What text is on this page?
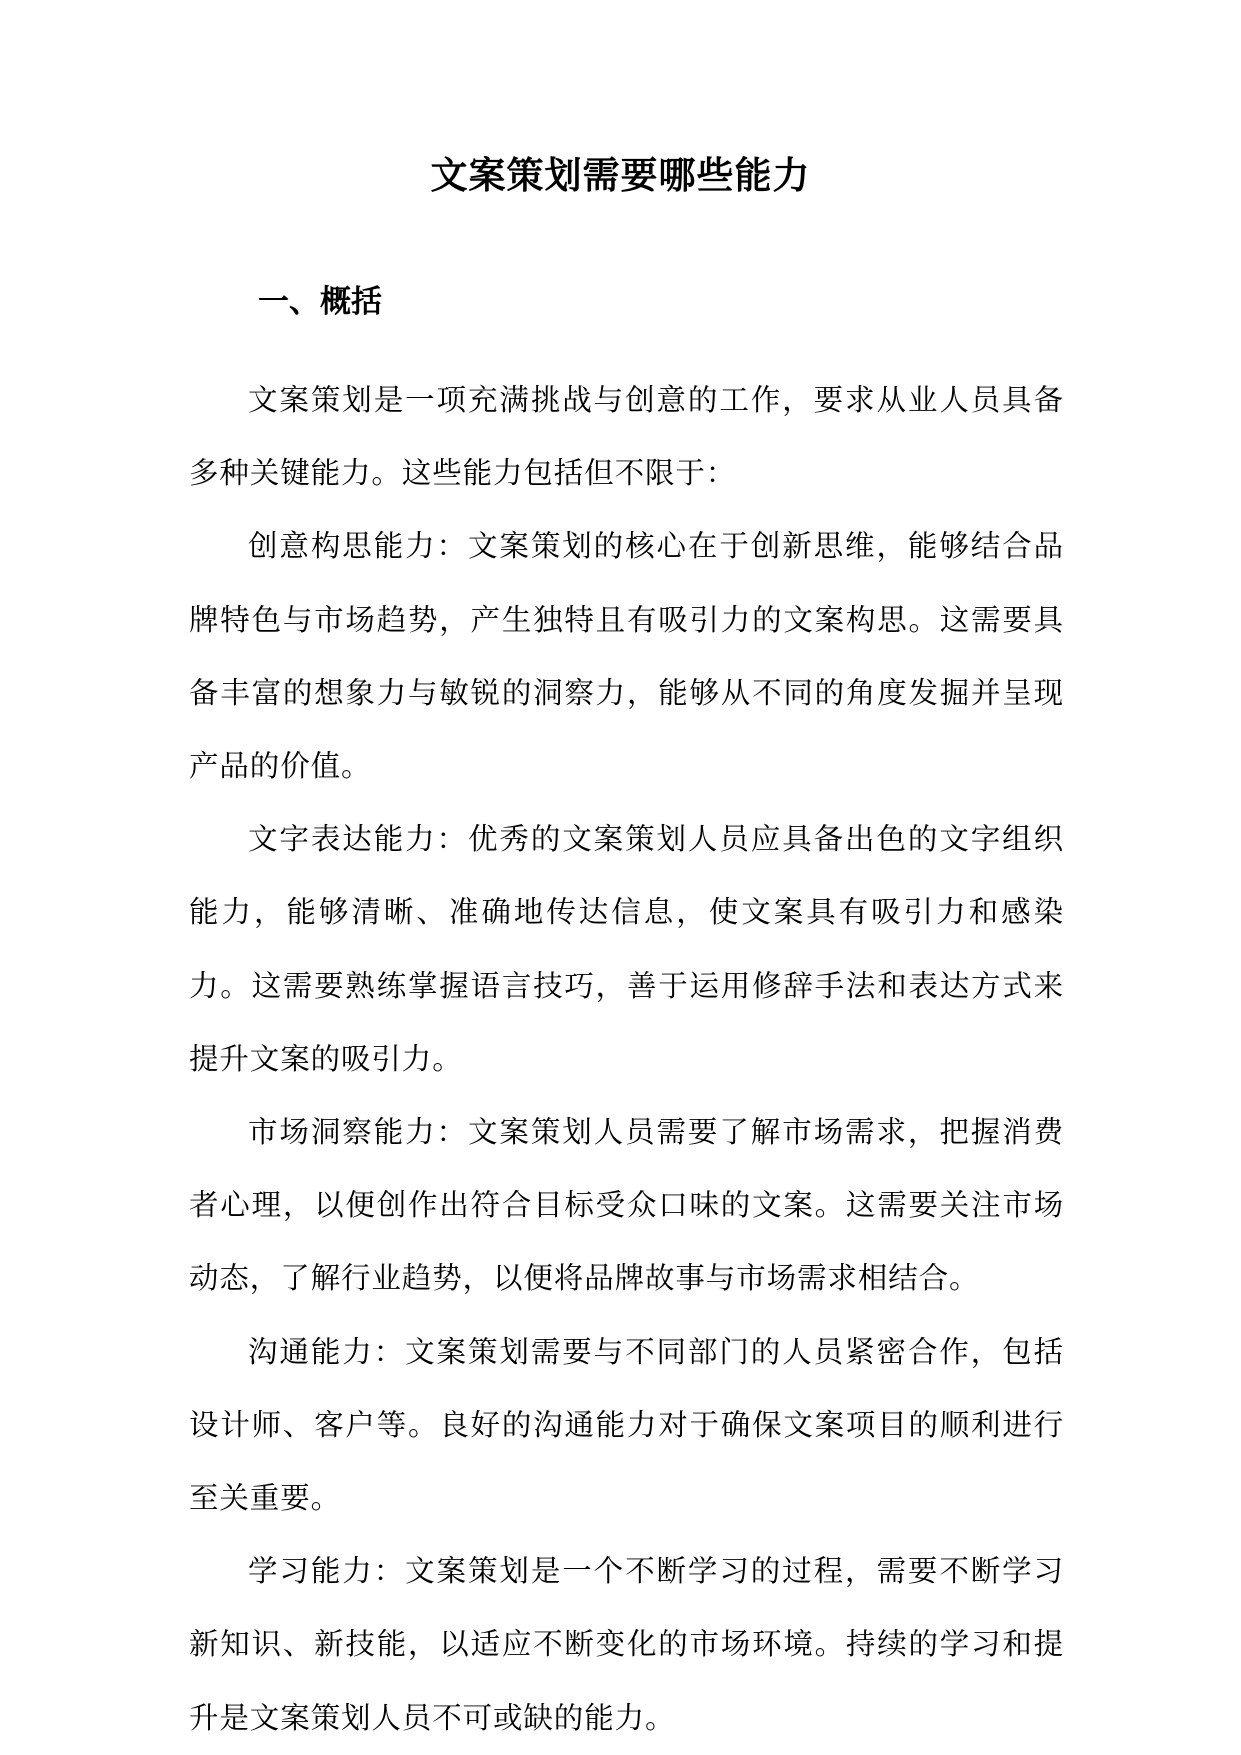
文案策划需要哪些能力
一、概括

文案策划是一项充满挑战与创意的工作，要求从业人员具备多种关键能力。这些能力包括但不限于：

创意构思能力：文案策划的核心在于创新思维，能够结合品牌特色与市场趋势，产生独特且有吸引力的文案构思。这需要具备丰富的想象力与敏锐的洞察力，能够从不同的角度发掘并呈现产品的价值。

文字表达能力：优秀的文案策划人员应具备出色的文字组织能力，能够清晰、准确地传达信息，使文案具有吸引力和感染力。这需要熟练掌握语言技巧，善于运用修辞手法和表达方式来提升文案的吸引力。

市场洞察能力：文案策划人员需要了解市场需求，把握消费者心理，以便创作出符合目标受众口味的文案。这需要关注市场动态，了解行业趋势，以便将品牌故事与市场需求相结合。

沟通能力：文案策划需要与不同部门的人员紧密合作，包括设计师、客户等。良好的沟通能力对于确保文案项目的顺利进行至关重要。

学习能力：文案策划是一个不断学习的过程，需要不断学习新知识、新技能，以适应不断变化的市场环境。持续的学习和提升是文案策划人员不可或缺的能力。
